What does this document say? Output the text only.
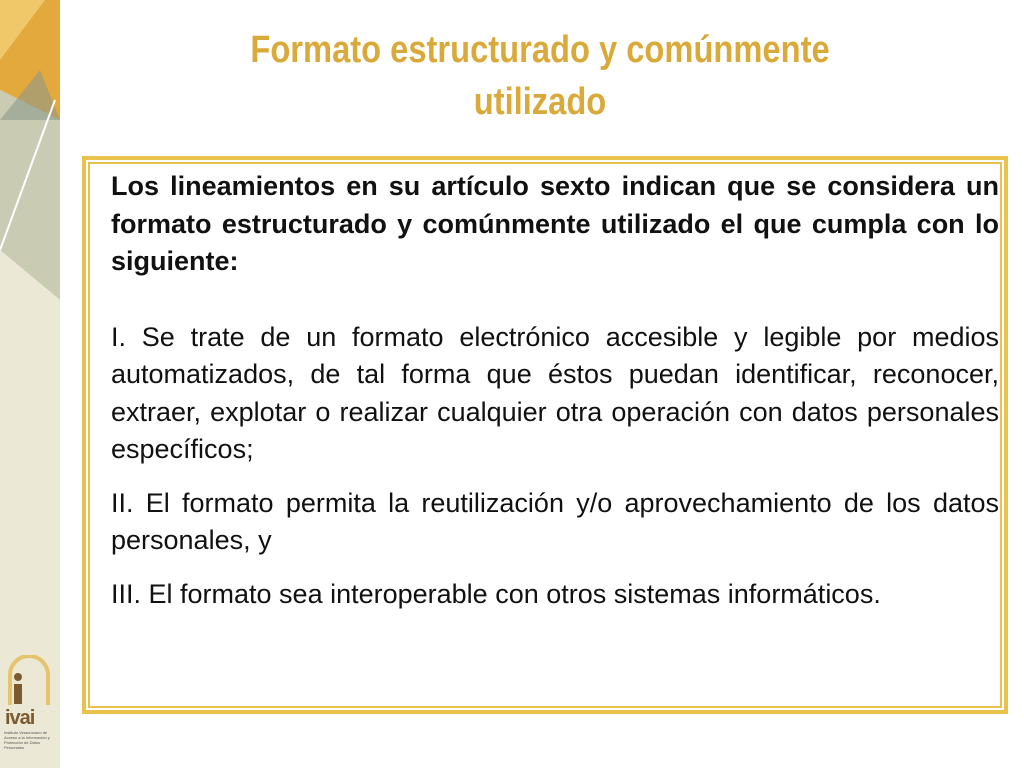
Formato estructurado y comúnmente
utilizado

Los lineamientos en su artículo sexto indican que se considera un formato estructurado y comúnmente utilizado el que cumpla con lo siguiente:

I. Se trate de un formato electrónico accesible y legible por medios automatizados, de tal forma que éstos puedan identificar, reconocer, extraer, explotar o realizar cualquier otra operación con datos personales específicos;

II. El formato permita la reutilización y/o aprovechamiento de los datos personales, y

III. El formato sea interoperable con otros sistemas informáticos.

ivai
Instituto Veracruzano de Acceso a la Información y Protección de Datos Personales
